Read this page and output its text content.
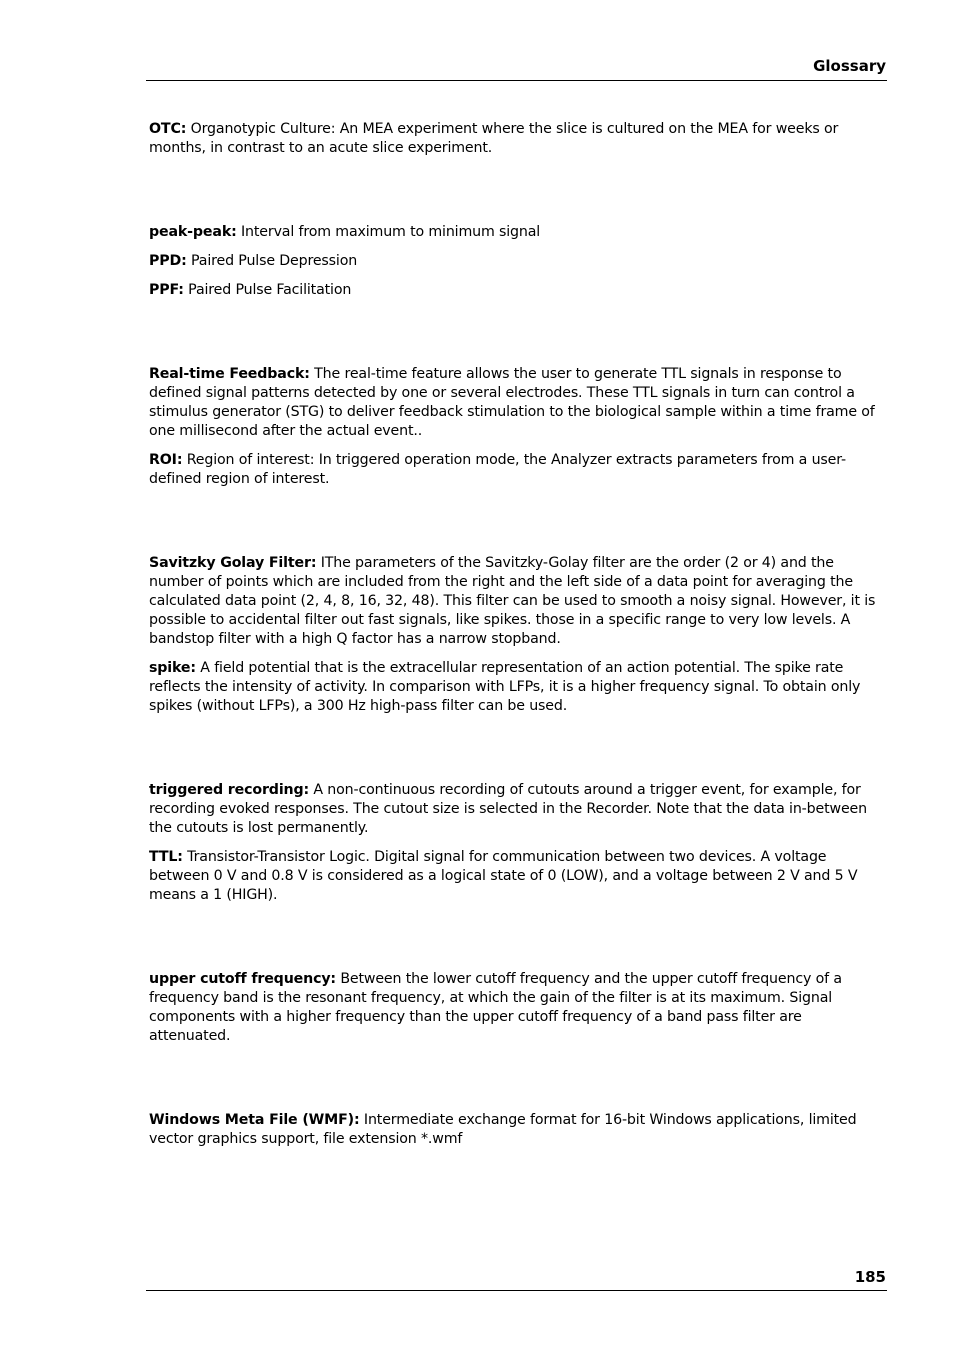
Glossary

OTC: Organotypic Culture: An MEA experiment where the slice is cultured on the MEA for weeks or months, in contrast to an acute slice experiment.

peak-peak: Interval from maximum to minimum signal

PPD: Paired Pulse Depression

PPF: Paired Pulse Facilitation

Real-time Feedback: The real-time feature allows the user to generate TTL signals in response to defined signal patterns detected by one or several electrodes. These TTL signals in turn can control a stimulus generator (STG) to deliver feedback stimulation to the biological sample within a time frame of one millisecond after the actual event..

ROI: Region of interest: In triggered operation mode, the Analyzer extracts parameters from a user-defined region of interest.

Savitzky Golay Filter: IThe parameters of the Savitzky-Golay filter are the order (2 or 4) and the number of points which are included from the right and the left side of a data point for averaging the calculated data point (2, 4, 8, 16, 32, 48). This filter can be used to smooth a noisy signal. However, it is possible to accidental filter out fast signals, like spikes. those in a specific range to very low levels. A bandstop filter with a high Q factor has a narrow stopband.

spike: A field potential that is the extracellular representation of an action potential. The spike rate reflects the intensity of activity. In comparison with LFPs, it is a higher frequency signal. To obtain only spikes (without LFPs), a 300 Hz high-pass filter can be used.

triggered recording: A non-continuous recording of cutouts around a trigger event, for example, for recording evoked responses. The cutout size is selected in the Recorder. Note that the data in-between the cutouts is lost permanently.

TTL: Transistor-Transistor Logic. Digital signal for communication between two devices. A voltage between 0 V and 0.8 V is considered as a logical state of 0 (LOW), and a voltage between 2 V and 5 V means a 1 (HIGH).

upper cutoff frequency: Between the lower cutoff frequency and the upper cutoff frequency of a frequency band is the resonant frequency, at which the gain of the filter is at its maximum. Signal components with a higher frequency than the upper cutoff frequency of a band pass filter are attenuated.

Windows Meta File (WMF): Intermediate exchange format for 16-bit Windows applications, limited vector graphics support, file extension *.wmf

185
